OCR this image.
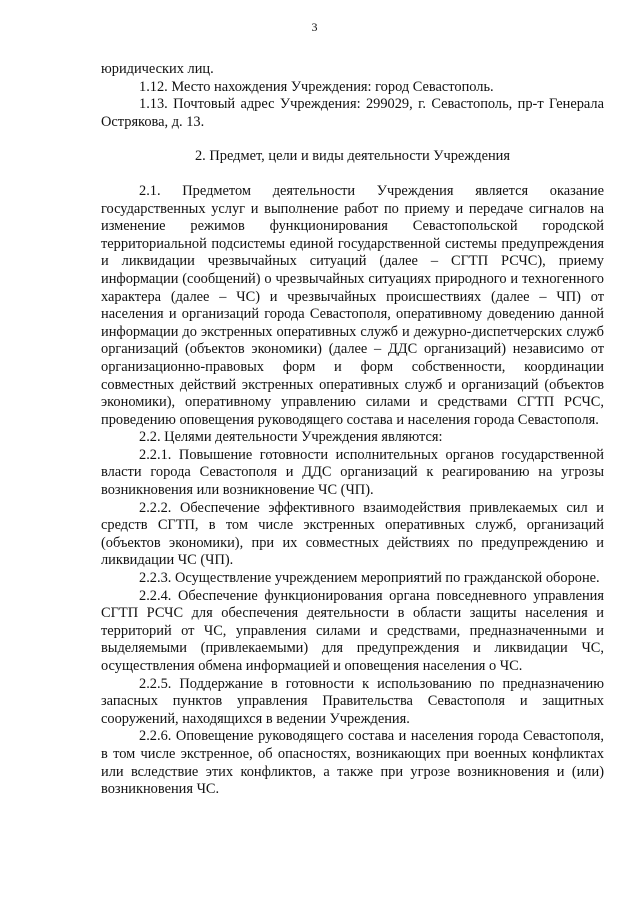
3

юридических лиц.

1.12. Место нахождения Учреждения: город Севастополь.

1.13. Почтовый адрес Учреждения: 299029, г. Севастополь, пр-т Генерала Острякова, д. 13.

2. Предмет, цели и виды деятельности Учреждения

2.1. Предметом деятельности Учреждения является оказание государственных услуг и выполнение работ по приему и передаче сигналов на изменение режимов функционирования Севастопольской городской территориальной подсистемы единой государственной системы предупреждения и ликвидации чрезвычайных ситуаций (далее – СГТП РСЧС), приему информации (сообщений) о чрезвычайных ситуациях природного и техногенного характера (далее – ЧС) и чрезвычайных происшествиях (далее – ЧП) от населения и организаций города Севастополя, оперативному доведению данной информации до экстренных оперативных служб и дежурно-диспетчерских служб организаций (объектов экономики) (далее – ДДС организаций) независимо от организационно-правовых форм и форм собственности, координации совместных действий экстренных оперативных служб и организаций (объектов экономики), оперативному управлению силами и средствами СГТП РСЧС, проведению оповещения руководящего состава и населения города Севастополя.

2.2. Целями деятельности Учреждения являются:

2.2.1. Повышение готовности исполнительных органов государственной власти города Севастополя и ДДС организаций к реагированию на угрозы возникновения или возникновение ЧС (ЧП).

2.2.2. Обеспечение эффективного взаимодействия привлекаемых сил и средств СГТП, в том числе экстренных оперативных служб, организаций (объектов экономики), при их совместных действиях по предупреждению и ликвидации ЧС (ЧП).

2.2.3. Осуществление учреждением мероприятий по гражданской обороне.

2.2.4. Обеспечение функционирования органа повседневного управления СГТП РСЧС для обеспечения деятельности в области защиты населения и территорий от ЧС, управления силами и средствами, предназначенными и выделяемыми (привлекаемыми) для предупреждения и ликвидации ЧС, осуществления обмена информацией и оповещения населения о ЧС.

2.2.5. Поддержание в готовности к использованию по предназначению запасных пунктов управления Правительства Севастополя и защитных сооружений, находящихся в ведении Учреждения.

2.2.6. Оповещение руководящего состава и населения города Севастополя, в том числе экстренное, об опасностях, возникающих при военных конфликтах или вследствие этих конфликтов, а также при угрозе возникновения и (или) возникновения ЧС.
